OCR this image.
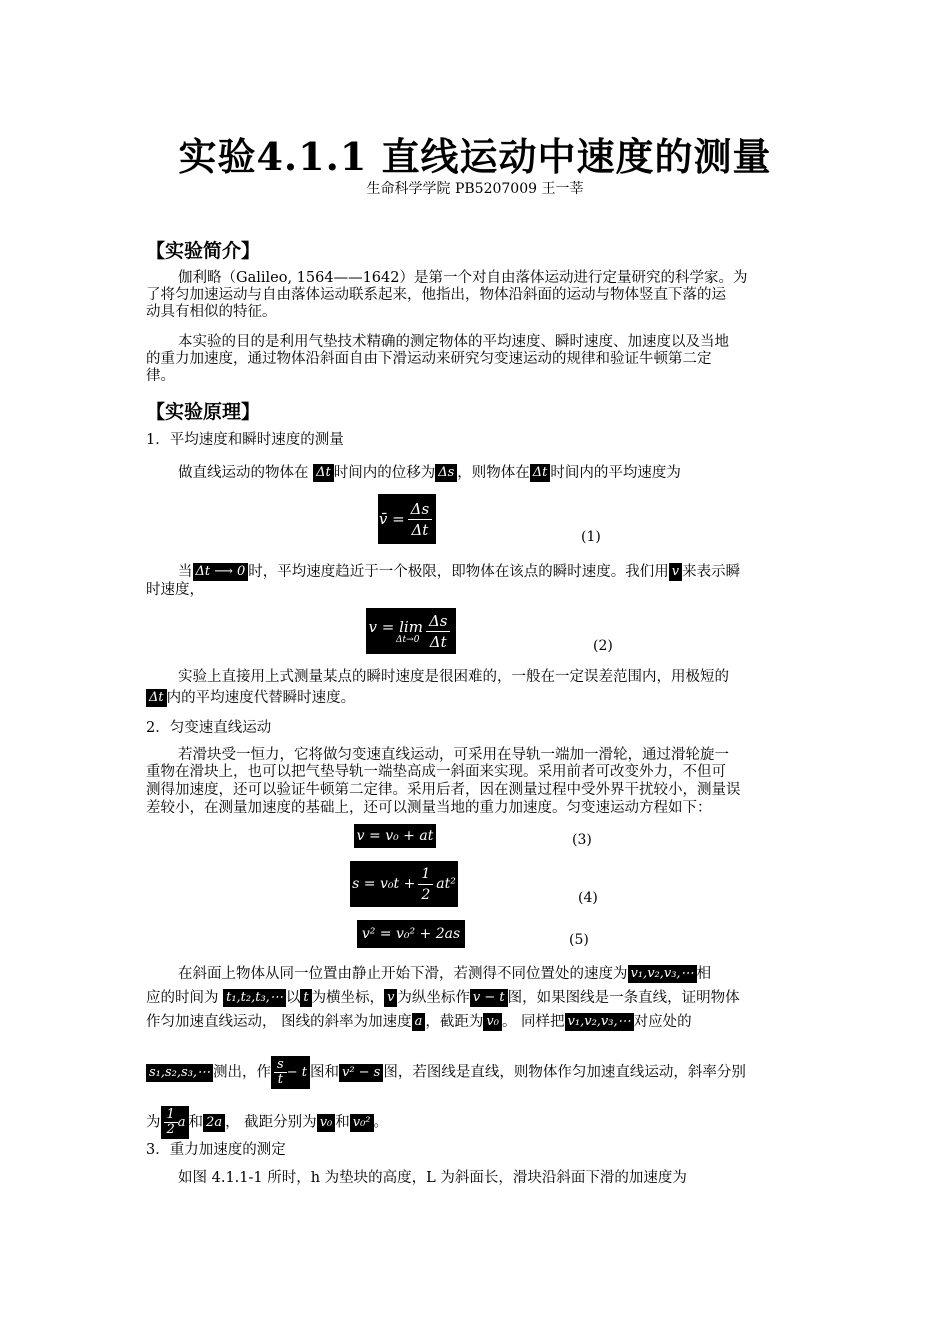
实验4.1.1 直线运动中速度的测量
生命科学学院 PB5207009 王一莘
【实验简介】
伽利略（Galileo, 1564——1642）是第一个对自由落体运动进行定量研究的科学家。为
了将匀加速运动与自由落体运动联系起来，他指出，物体沿斜面的运动与物体竖直下落的运
动具有相似的特征。
本实验的目的是利用气垫技术精确的测定物体的平均速度、瞬时速度、加速度以及当地
的重力加速度，通过物体沿斜面自由下滑运动来研究匀变速运动的规律和验证牛顿第二定
律。
【实验原理】
1．平均速度和瞬时速度的测量
做直线运动的物体在 Δt 时间内的位移为 Δs ，则物体在 Δt 时间内的平均速度为
v̄ = $\frac{\Delta s}{\Delta t}$	(1)
当 Δt ⟶ 0 时，平均速度趋近于一个极限，即物体在该点的瞬时速度。我们用 v 来表示瞬
时速度，
v = lim
$\Delta t\to 0 \frac{\Delta s}{\Delta t}$	(2)
实验上直接用上式测量某点的瞬时速度是很困难的，一般在一定误差范围内，用极短的
Δt 内的平均速度代替瞬时速度。
2．匀变速直线运动
若滑块受一恒力，它将做匀变速直线运动，可采用在导轨一端加一滑轮，通过滑轮旋一
重物在滑块上，也可以把气垫导轨一端垫高成一斜面来实现。采用前者可改变外力，不但可
测得加速度，还可以验证牛顿第二定律。采用后者，因在测量过程中受外界干扰较小，测量误
差较小，在测量加速度的基础上，还可以测量当地的重力加速度。匀变速运动方程如下：
v = v₀ + at	(3)
$s = v_0t + \frac{1}{2} at^2$
(4)
v² = v₀² + 2as	(5)
在斜面上物体从同一位置由静止开始下滑，若测得不同位置处的速度为 v₁,v₂,v₃,⋯ 相
应的时间为 t₁,t₂,t₃,⋯ 以 t 为横坐标， v 为纵坐标作 v − t 图，如果图线是一条直线，证明物体
作匀加速直线运动， 图线的斜率为加速度 a ，截距为 v₀ 。 同样把 v₁,v₂,v₃,⋯ 对应处的
s₁,s₂,s₃,⋯ 测出，作 $\frac{s}{t} - t$ 图和 v² − s 图，若图线是直线，则物体作匀加速直线运动，斜率分别
为 $\frac{1}{2}$ a 和 2a ， 截距分别为 v₀ 和 v₀² 。
3．重力加速度的测定
如图 4.1.1-1 所时，h 为垫块的高度，L 为斜面长，滑块沿斜面下滑的加速度为
